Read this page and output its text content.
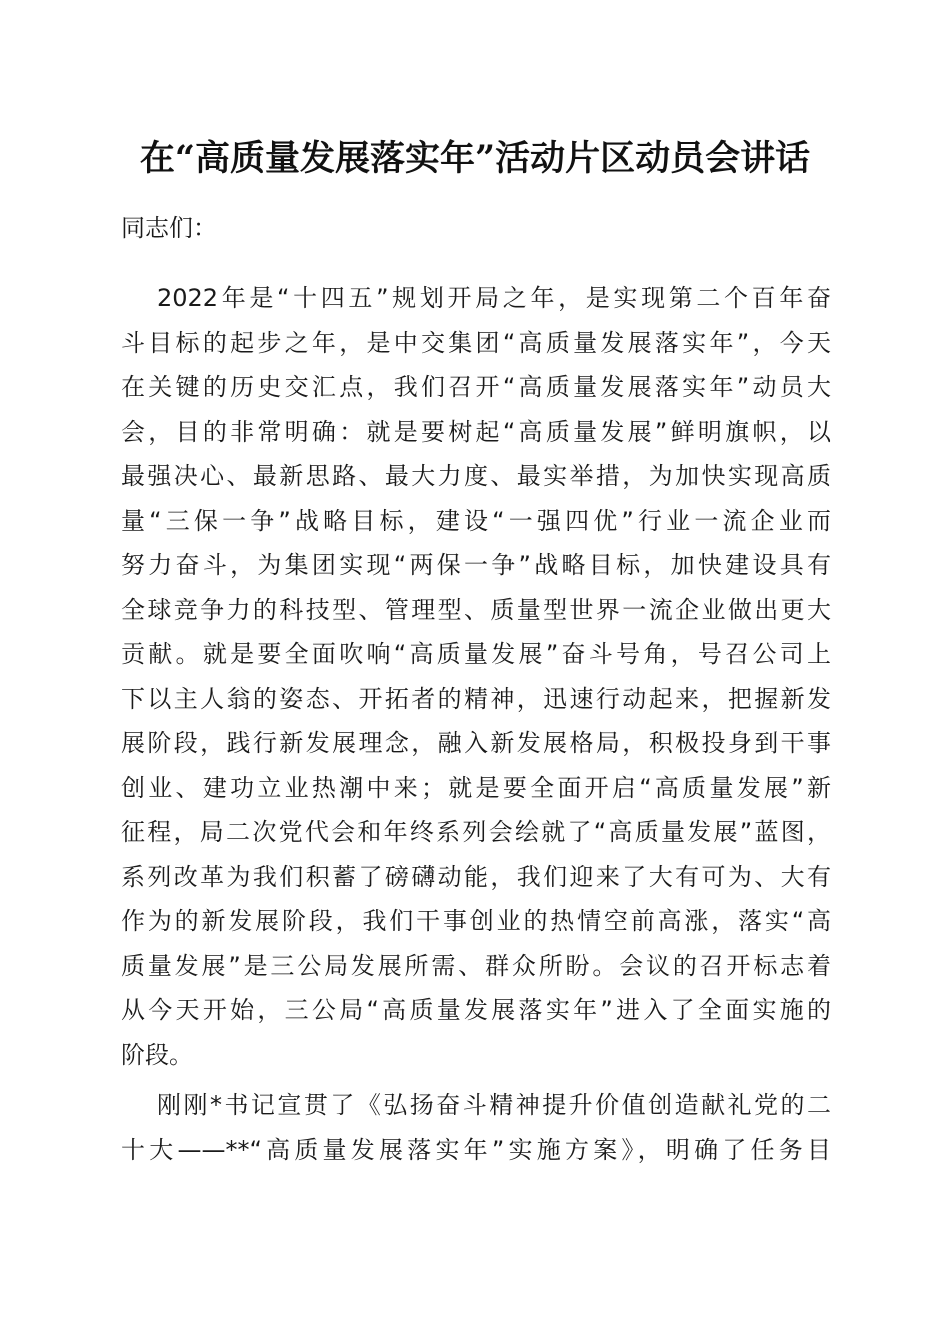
在“高质量发展落实年”活动片区动员会讲话
同志们：
2022年是“十四五”规划开局之年，是实现第二个百年奋
斗目标的起步之年，是中交集团“高质量发展落实年”，今天
在关键的历史交汇点，我们召开“高质量发展落实年”动员大
会，目的非常明确：就是要树起“高质量发展”鲜明旗帜，以
最强决心、最新思路、最大力度、最实举措，为加快实现高质
量“三保一争”战略目标，建设“一强四优”行业一流企业而
努力奋斗，为集团实现“两保一争”战略目标，加快建设具有
全球竞争力的科技型、管理型、质量型世界一流企业做出更大
贡献。就是要全面吹响“高质量发展”奋斗号角，号召公司上
下以主人翁的姿态、开拓者的精神，迅速行动起来，把握新发
展阶段，践行新发展理念，融入新发展格局，积极投身到干事
创业、建功立业热潮中来；就是要全面开启“高质量发展”新
征程，局二次党代会和年终系列会绘就了“高质量发展”蓝图，
系列改革为我们积蓄了磅礴动能，我们迎来了大有可为、大有
作为的新发展阶段，我们干事创业的热情空前高涨，落实“高
质量发展”是三公局发展所需、群众所盼。会议的召开标志着
从今天开始，三公局“高质量发展落实年”进入了全面实施的
阶段。
刚刚*书记宣贯了《弘扬奋斗精神提升价值创造献礼党的二
十大——**“高质量发展落实年”实施方案》，明确了任务目
